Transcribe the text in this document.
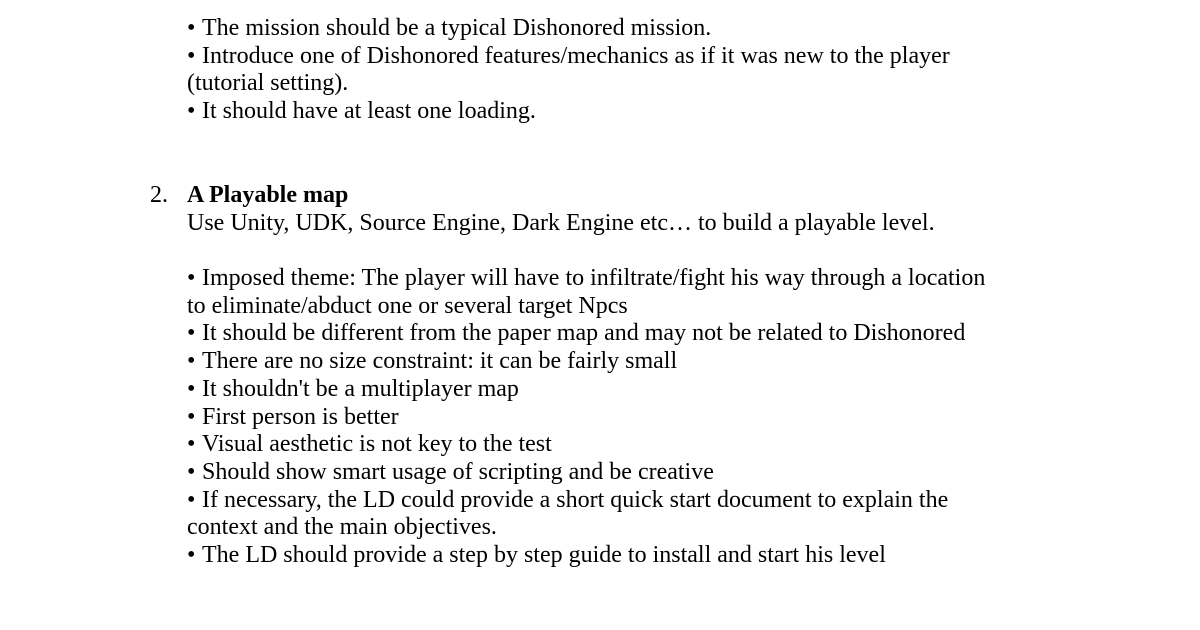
• The mission should be a typical Dishonored mission.
• Introduce one of Dishonored features/mechanics as if it was new to the player
(tutorial setting).
• It should have at least one loading.
2. A Playable map
Use Unity, UDK, Source Engine, Dark Engine etc… to build a playable level.
• Imposed theme: The player will have to infiltrate/fight his way through a location
to eliminate/abduct one or several target Npcs
• It should be different from the paper map and may not be related to Dishonored
• There are no size constraint: it can be fairly small
• It shouldn't be a multiplayer map
• First person is better
• Visual aesthetic is not key to the test
• Should show smart usage of scripting and be creative
• If necessary, the LD could provide a short quick start document to explain the
context and the main objectives.
• The LD should provide a step by step guide to install and start his level
